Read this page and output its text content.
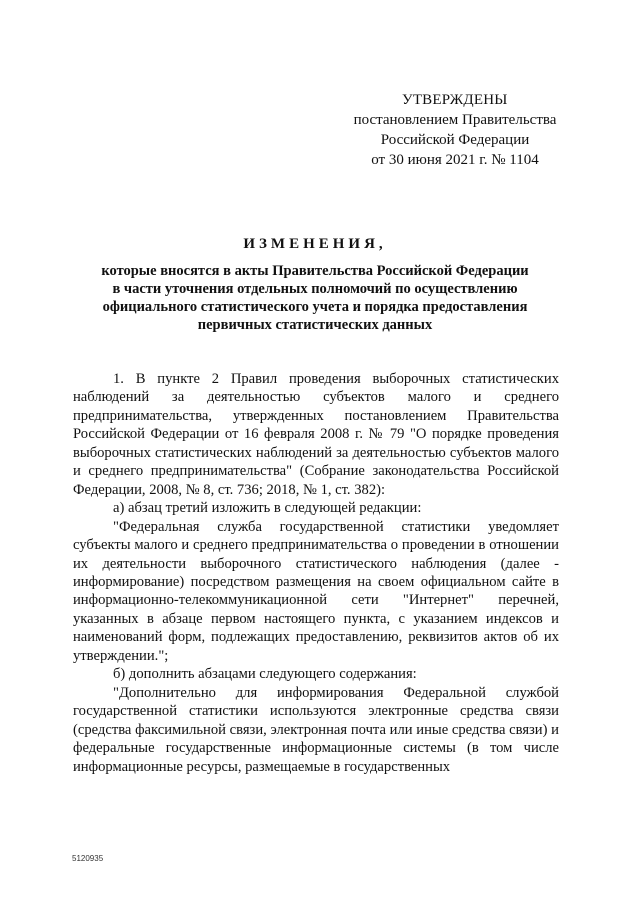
УТВЕРЖДЕНЫ
постановлением Правительства
Российской Федерации
от 30 июня 2021 г. № 1104
ИЗМЕНЕНИЯ,
которые вносятся в акты Правительства Российской Федерации
в части уточнения отдельных полномочий по осуществлению
официального статистического учета и порядка предоставления
первичных статистических данных

1. В пункте 2 Правил проведения выборочных статистических наблюдений за деятельностью субъектов малого и среднего предпринимательства, утвержденных постановлением Правительства Российской Федерации от 16 февраля 2008 г. № 79 "О порядке проведения выборочных статистических наблюдений за деятельностью субъектов малого и среднего предпринимательства" (Собрание законодательства Российской Федерации, 2008, № 8, ст. 736; 2018, № 1, ст. 382):

а) абзац третий изложить в следующей редакции:

"Федеральная служба государственной статистики уведомляет субъекты малого и среднего предпринимательства о проведении в отношении их деятельности выборочного статистического наблюдения (далее - информирование) посредством размещения на своем официальном сайте в информационно-телекоммуникационной сети "Интернет" перечней, указанных в абзаце первом настоящего пункта, с указанием индексов и наименований форм, подлежащих предоставлению, реквизитов актов об их утверждении.";

б) дополнить абзацами следующего содержания:

"Дополнительно для информирования Федеральной службой государственной статистики используются электронные средства связи (средства факсимильной связи, электронная почта или иные средства связи) и федеральные государственные информационные системы (в том числе информационные ресурсы, размещаемые в государственных

5120935
